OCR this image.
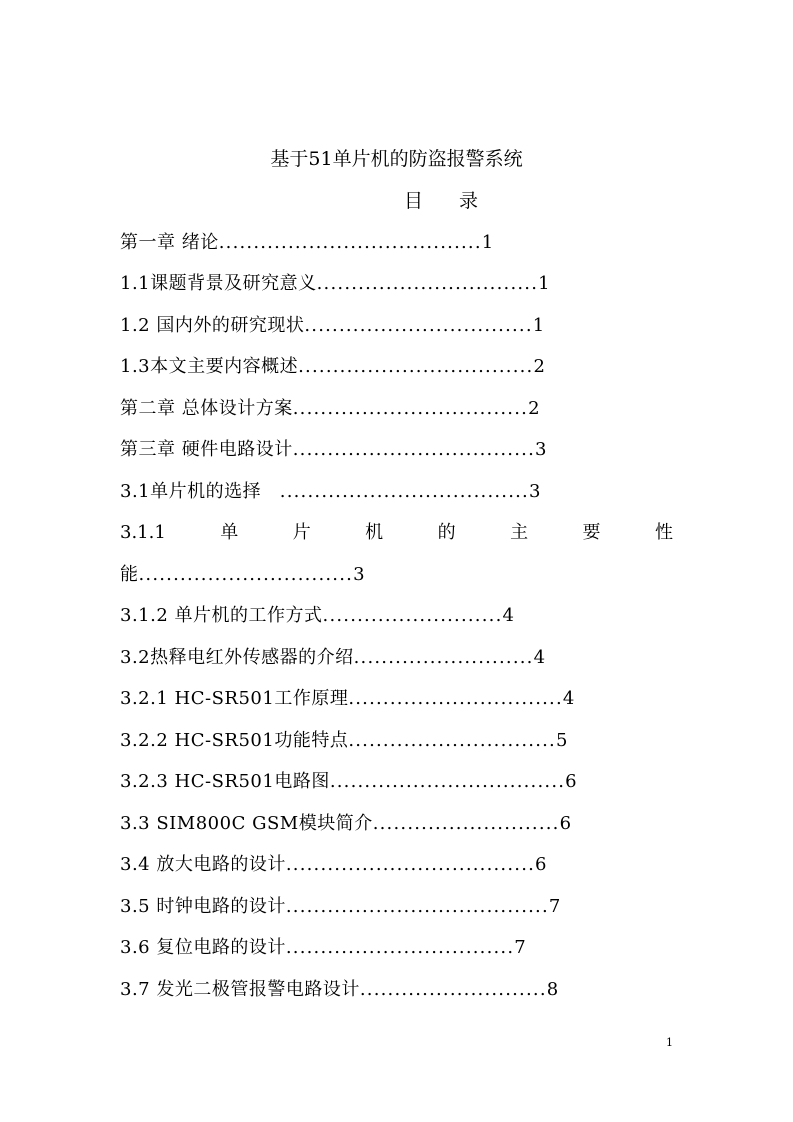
基于51单片机的防盗报警系统
目录
第一章 绪论......................................1
1.1课题背景及研究意义................................1
1.2 国内外的研究现状.................................1
1.3本文主要内容概述..................................2
第二章 总体设计方案..................................2
第三章 硬件电路设计...................................3
3.1单片机的选择   ....................................3
3.1.1	单	片	机	的	主	要	性
能...............................3
3.1.2 单片机的工作方式..........................4
3.2热释电红外传感器的介绍..........................4
3.2.1 HC-SR501工作原理...............................4
3.2.2 HC-SR501功能特点..............................5
3.2.3 HC-SR501电路图..................................6
3.3 SIM800C GSM模块简介...........................6
3.4 放大电路的设计....................................6
3.5 时钟电路的设计......................................7
3.6 复位电路的设计.................................7
3.7 发光二极管报警电路设计...........................8
1
